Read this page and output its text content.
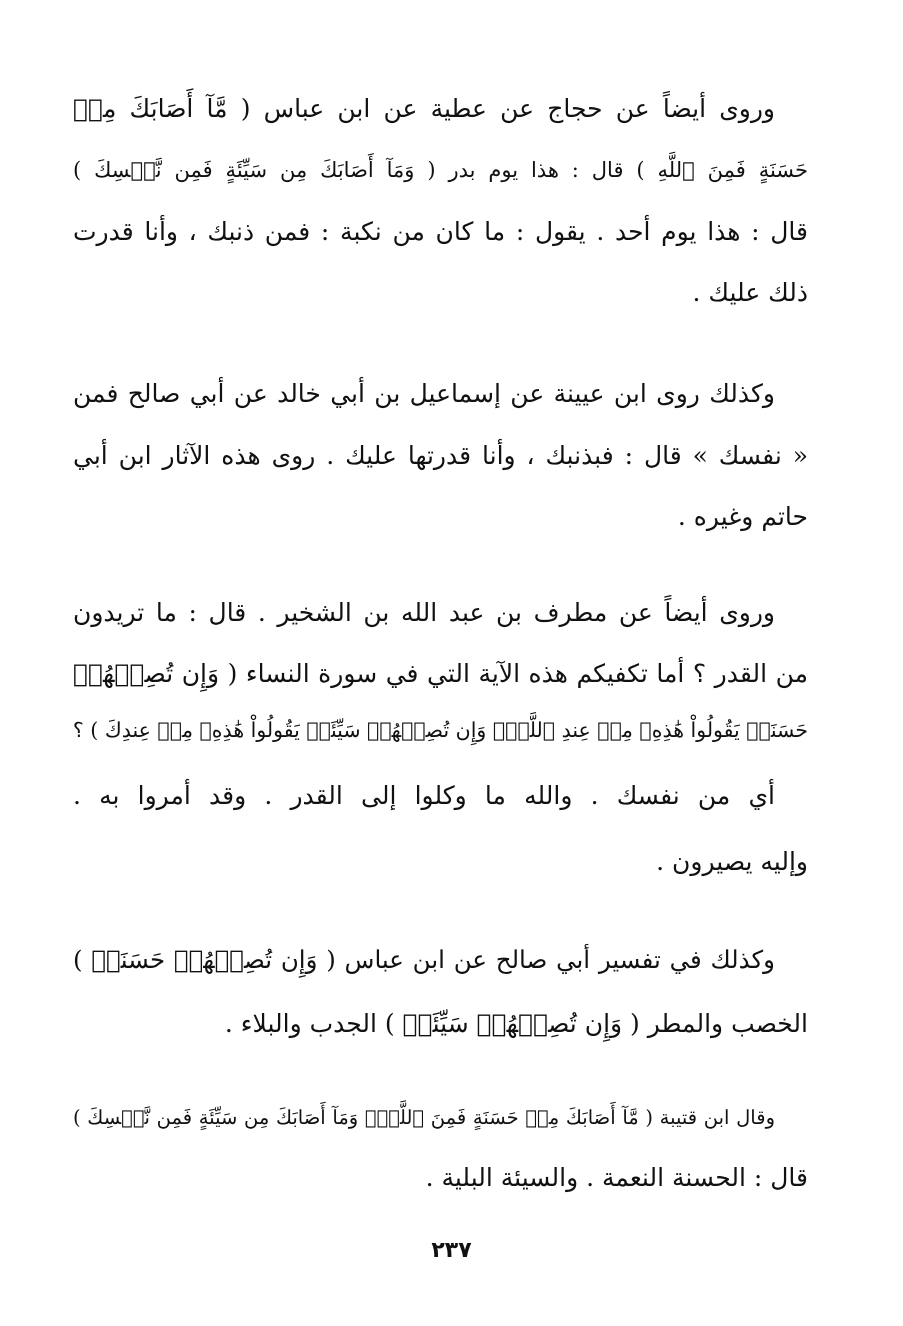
وروى أيضاً عن حجاج عن عطية عن ابن عباس ( مَّآ أَصَابَكَ مِنۡ
حَسَنَةٍ فَمِنَ ٱللَّهِ ) قال : هذا يوم بدر ( وَمَآ أَصَابَكَ مِن سَيِّئَةٍ فَمِن نَّفۡسِكَ )
قال : هذا يوم أحد . يقول : ما كان من نكبة : فمن ذنبك ، وأنا قدرت
ذلك عليك .
وكذلك روى ابن عيينة عن إسماعيل بن أبي خالد عن أبي صالح فمن
« نفسك » قال : فبذنبك ، وأنا قدرتها عليك . روى هذه الآثار ابن أبي
حاتم وغيره .
وروى أيضاً عن مطرف بن عبد الله بن الشخير . قال : ما تريدون
من القدر ؟ أما تكفيكم هذه الآية التي في سورة النساء ( وَإِن تُصِبۡهُمۡ
حَسَنَةٞ يَقُولُواْ هَٰذِهِۦ مِنۡ عِندِ ٱللَّهِۖ وَإِن تُصِبۡهُمۡ سَيِّئَةٞ يَقُولُواْ هَٰذِهِۦ مِنۡ عِندِكَ ) ؟
أي من نفسك . والله ما وكلوا إلى القدر . وقد أمروا به .
وإليه يصيرون .
وكذلك في تفسير أبي صالح عن ابن عباس ( وَإِن تُصِبۡهُمۡ حَسَنَةٞ )
الخصب والمطر ( وَإِن تُصِبۡهُمۡ سَيِّئَةٞ ) الجدب والبلاء .
وقال ابن قتيبة ( مَّآ أَصَابَكَ مِنۡ حَسَنَةٍ فَمِنَ ٱللَّهِۖ وَمَآ أَصَابَكَ مِن سَيِّئَةٍ فَمِن نَّفۡسِكَ )
قال : الحسنة النعمة . والسيئة البلية .
٢٣٧
